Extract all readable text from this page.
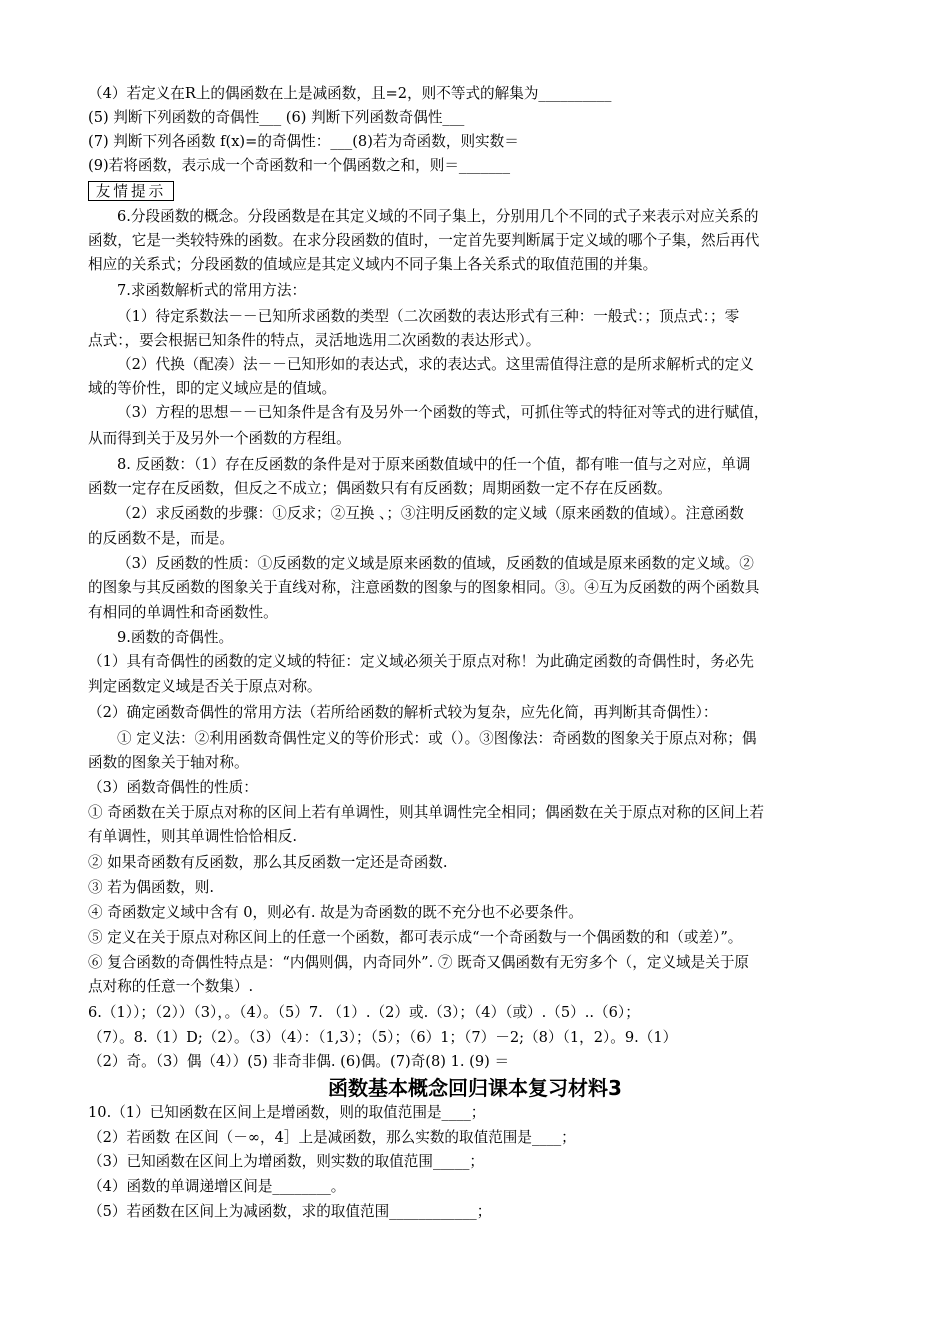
（4）若定义在R上的偶函数在上是减函数，且=2，则不等式的解集为__________
(5) 判断下列函数的奇偶性___ (6) 判断下列函数奇偶性___
(7) 判断下列各函数 f(x)=的奇偶性：___(8)若为奇函数，则实数＝
(9)若将函数，表示成一个奇函数和一个偶函数之和，则＝_______
友情提示
6.分段函数的概念。分段函数是在其定义域的不同子集上，分别用几个不同的式子来表示对应关系的
函数，它是一类较特殊的函数。在求分段函数的值时，一定首先要判断属于定义域的哪个子集，然后再代
相应的关系式；分段函数的值域应是其定义域内不同子集上各关系式的取值范围的并集。
7.求函数解析式的常用方法：
（1）待定系数法－－已知所求函数的类型（二次函数的表达形式有三种：一般式：；顶点式：；零
点式：，要会根据已知条件的特点，灵活地选用二次函数的表达形式）。
（2）代换（配凑）法－－已知形如的表达式，求的表达式。这里需值得注意的是所求解析式的定义
域的等价性，即的定义域应是的值域。
（3）方程的思想－－已知条件是含有及另外一个函数的等式，可抓住等式的特征对等式的进行赋值，
从而得到关于及另外一个函数的方程组。
8. 反函数：（1）存在反函数的条件是对于原来函数值域中的任一个值，都有唯一值与之对应，单调
函数一定存在反函数，但反之不成立；偶函数只有有反函数；周期函数一定不存在反函数。
（2）求反函数的步骤：①反求；②互换 、；③注明反函数的定义域（原来函数的值域）。注意函数
的反函数不是，而是。
（3）反函数的性质：①反函数的定义域是原来函数的值域，反函数的值域是原来函数的定义域。②
的图象与其反函数的图象关于直线对称，注意函数的图象与的图象相同。③。④互为反函数的两个函数具
有相同的单调性和奇函数性。
9.函数的奇偶性。
（1）具有奇偶性的函数的定义域的特征：定义域必须关于原点对称！为此确定函数的奇偶性时，务必先
判定函数定义域是否关于原点对称。
（2）确定函数奇偶性的常用方法（若所给函数的解析式较为复杂，应先化简，再判断其奇偶性）：
① 定义法：②利用函数奇偶性定义的等价形式：或（）。③图像法：奇函数的图象关于原点对称；偶
函数的图象关于轴对称。
（3）函数奇偶性的性质：
① 奇函数在关于原点对称的区间上若有单调性，则其单调性完全相同；偶函数在关于原点对称的区间上若
有单调性，则其单调性恰恰相反.
② 如果奇函数有反函数，那么其反函数一定还是奇函数.
③ 若为偶函数，则.
④ 奇函数定义域中含有 0，则必有. 故是为奇函数的既不充分也不必要条件。
⑤ 定义在关于原点对称区间上的任意一个函数，都可表示成“一个奇函数与一个偶函数的和（或差）”。
⑥ 复合函数的奇偶性特点是：“内偶则偶，内奇同外”. ⑦ 既奇又偶函数有无穷多个（，定义域是关于原
点对称的任意一个数集）.
6.（1））；（2））（3），。（4）。（5）7. （1）.（2）或.（3）；（4）（或）.（5）..（6）；
（7）。8.（1）D;（2）。（3）（4）：（1,3）；（5）；（6）1；（7）－2;（8）（1，2）。9.（1）
（2）奇。（3）偶（4））(5) 非奇非偶. (6)偶。(7)奇(8) 1. (9) ＝
函数基本概念回归课本复习材料3
10.（1）已知函数在区间上是增函数，则的取值范围是____；
（2）若函数 在区间（－∞，4］上是减函数，那么实数的取值范围是____；
（3）已知函数在区间上为增函数，则实数的取值范围_____；
（4）函数的单调递增区间是________。
（5）若函数在区间上为减函数，求的取值范围____________；
